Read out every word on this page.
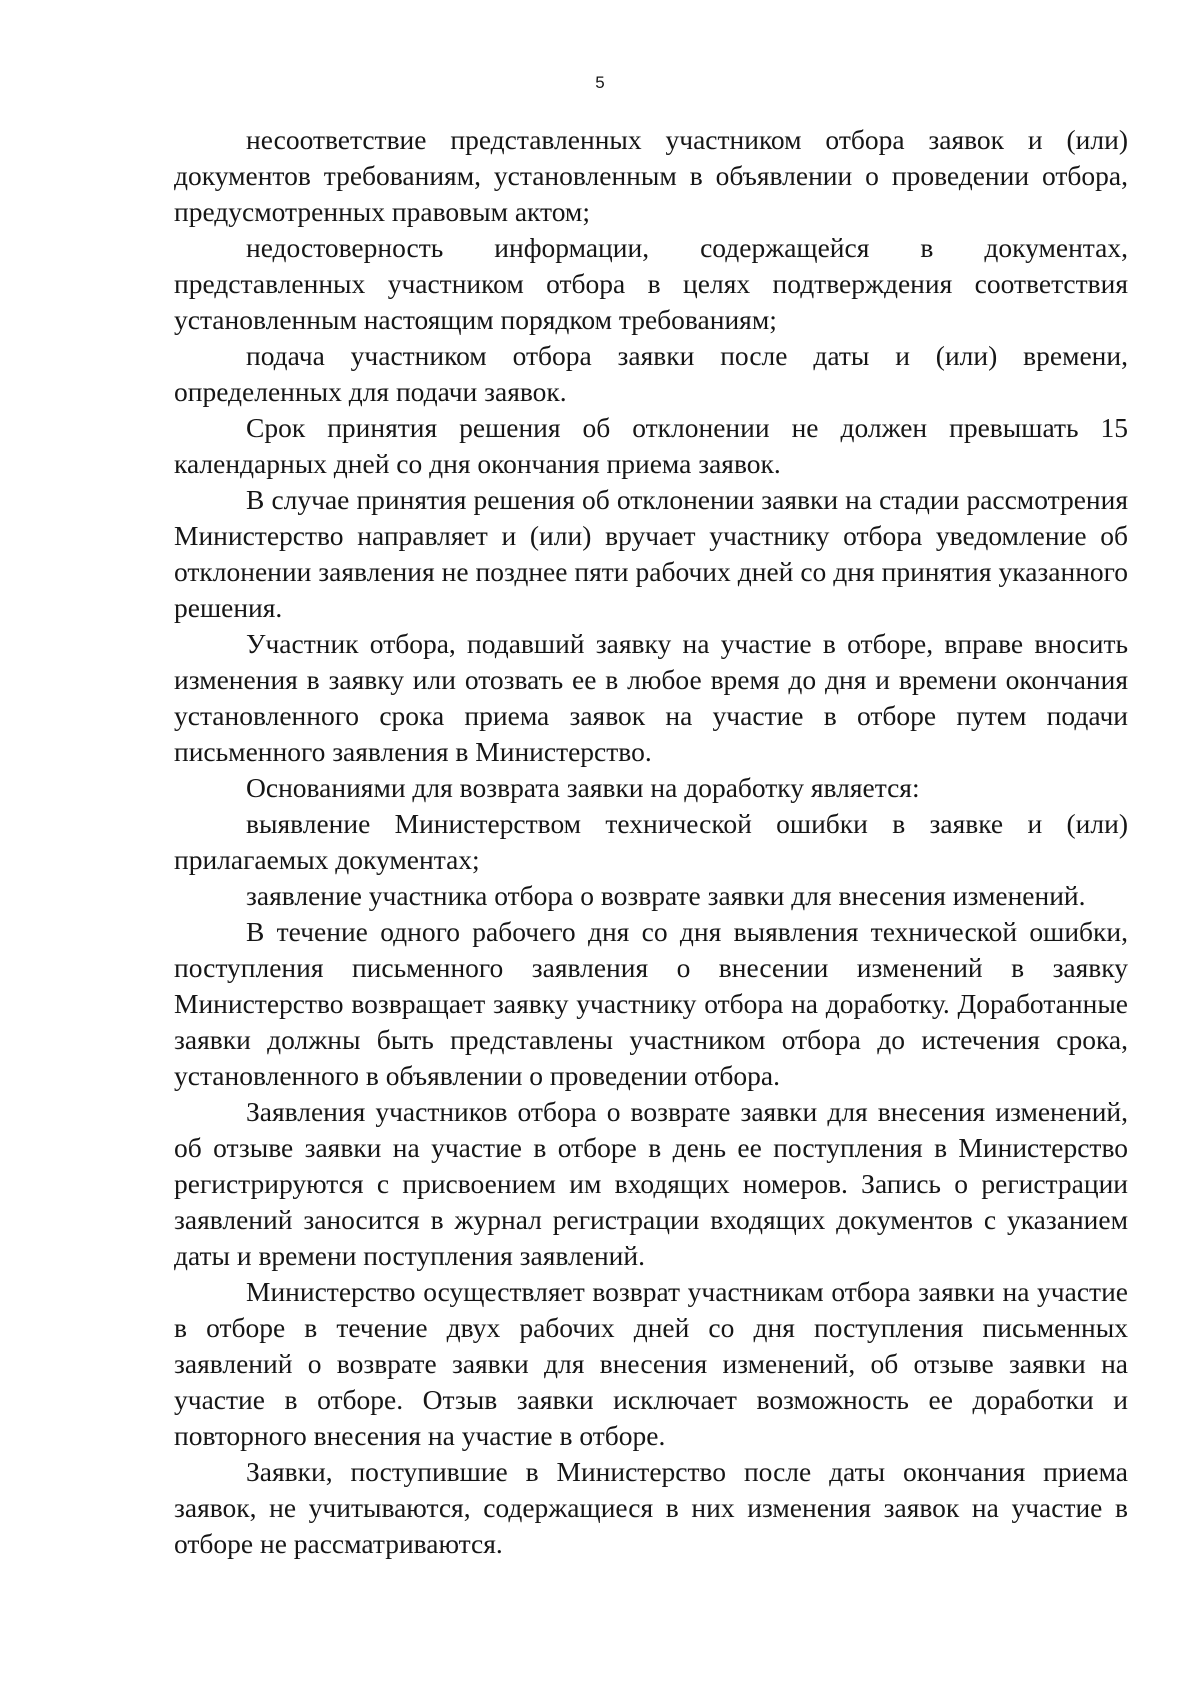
5

несоответствие представленных участником отбора заявок и (или) документов требованиям, установленным в объявлении о проведении отбора, предусмотренных правовым актом;

недостоверность информации, содержащейся в документах, представленных участником отбора в целях подтверждения соответствия установленным настоящим порядком требованиям;

подача участником отбора заявки после даты и (или) времени, определенных для подачи заявок.

Срок принятия решения об отклонении не должен превышать 15 календарных дней со дня окончания приема заявок.

В случае принятия решения об отклонении заявки на стадии рассмотрения Министерство направляет и (или) вручает участнику отбора уведомление об отклонении заявления не позднее пяти рабочих дней со дня принятия указанного решения.

Участник отбора, подавший заявку на участие в отборе, вправе вносить изменения в заявку или отозвать ее в любое время до дня и времени окончания установленного срока приема заявок на участие в отборе путем подачи письменного заявления в Министерство.

Основаниями для возврата заявки на доработку является:

выявление Министерством технической ошибки в заявке и (или) прилагаемых документах;

заявление участника отбора о возврате заявки для внесения изменений.

В течение одного рабочего дня со дня выявления технической ошибки, поступления письменного заявления о внесении изменений в заявку Министерство возвращает заявку участнику отбора на доработку. Доработанные заявки должны быть представлены участником отбора до истечения срока, установленного в объявлении о проведении отбора.

Заявления участников отбора о возврате заявки для внесения изменений, об отзыве заявки на участие в отборе в день ее поступления в Министерство регистрируются с присвоением им входящих номеров. Запись о регистрации заявлений заносится в журнал регистрации входящих документов с указанием даты и времени поступления заявлений.

Министерство осуществляет возврат участникам отбора заявки на участие в отборе в течение двух рабочих дней со дня поступления письменных заявлений о возврате заявки для внесения изменений, об отзыве заявки на участие в отборе. Отзыв заявки исключает возможность ее доработки и повторного внесения на участие в отборе.

Заявки, поступившие в Министерство после даты окончания приема заявок, не учитываются, содержащиеся в них изменения заявок на участие в отборе не рассматриваются.
